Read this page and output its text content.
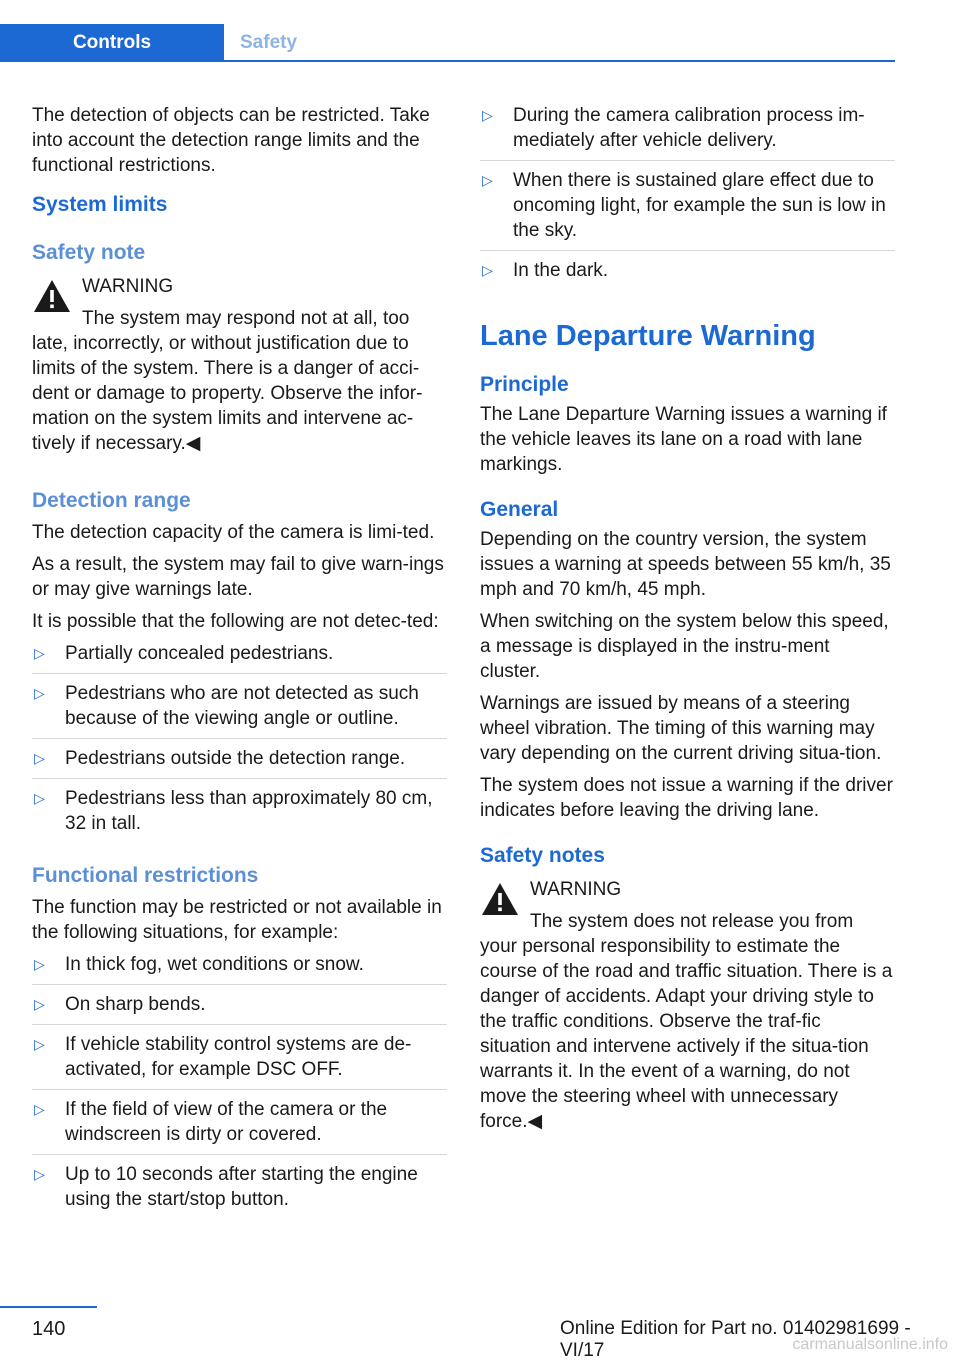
Controls	Safety

The detection of objects can be restricted. Take into account the detection range limits and the functional restrictions.

System limits
Safety note
WARNING
The system may respond not at all, too late, incorrectly, or without justification due to limits of the system. There is a danger of acci-dent or damage to property. Observe the infor-mation on the system limits and intervene ac-tively if necessary.◀
Detection range

The detection capacity of the camera is limi-ted.

As a result, the system may fail to give warn-ings or may give warnings late.

It is possible that the following are not detec-ted:

▷ Partially concealed pedestrians.
▷ Pedestrians who are not detected as such because of the viewing angle or outline.
▷ Pedestrians outside the detection range.
▷ Pedestrians less than approximately 80 cm, 32 in tall.
Functional restrictions

The function may be restricted or not available in the following situations, for example:

▷ In thick fog, wet conditions or snow.
▷ On sharp bends.
▷ If vehicle stability control systems are de-activated, for example DSC OFF.
▷ If the field of view of the camera or the windscreen is dirty or covered.
▷ Up to 10 seconds after starting the engine using the start/stop button.
▷ During the camera calibration process im-mediately after vehicle delivery.
▷ When there is sustained glare effect due to oncoming light, for example the sun is low in the sky.
▷ In the dark.
Lane Departure Warning
Principle

The Lane Departure Warning issues a warning if the vehicle leaves its lane on a road with lane markings.

General

Depending on the country version, the system issues a warning at speeds between 55 km/h, 35 mph and 70 km/h, 45 mph.

When switching on the system below this speed, a message is displayed in the instru-ment cluster.

Warnings are issued by means of a steering wheel vibration. The timing of this warning may vary depending on the current driving situa-tion.

The system does not issue a warning if the driver indicates before leaving the driving lane.

Safety notes
WARNING
The system does not release you from your personal responsibility to estimate the course of the road and traffic situation. There is a danger of accidents. Adapt your driving style to the traffic conditions. Observe the traf-fic situation and intervene actively if the situa-tion warrants it. In the event of a warning, do not move the steering wheel with unnecessary force.◀
140	Online Edition for Part no. 01402981699 - VI/17	carmanualsonline.info
